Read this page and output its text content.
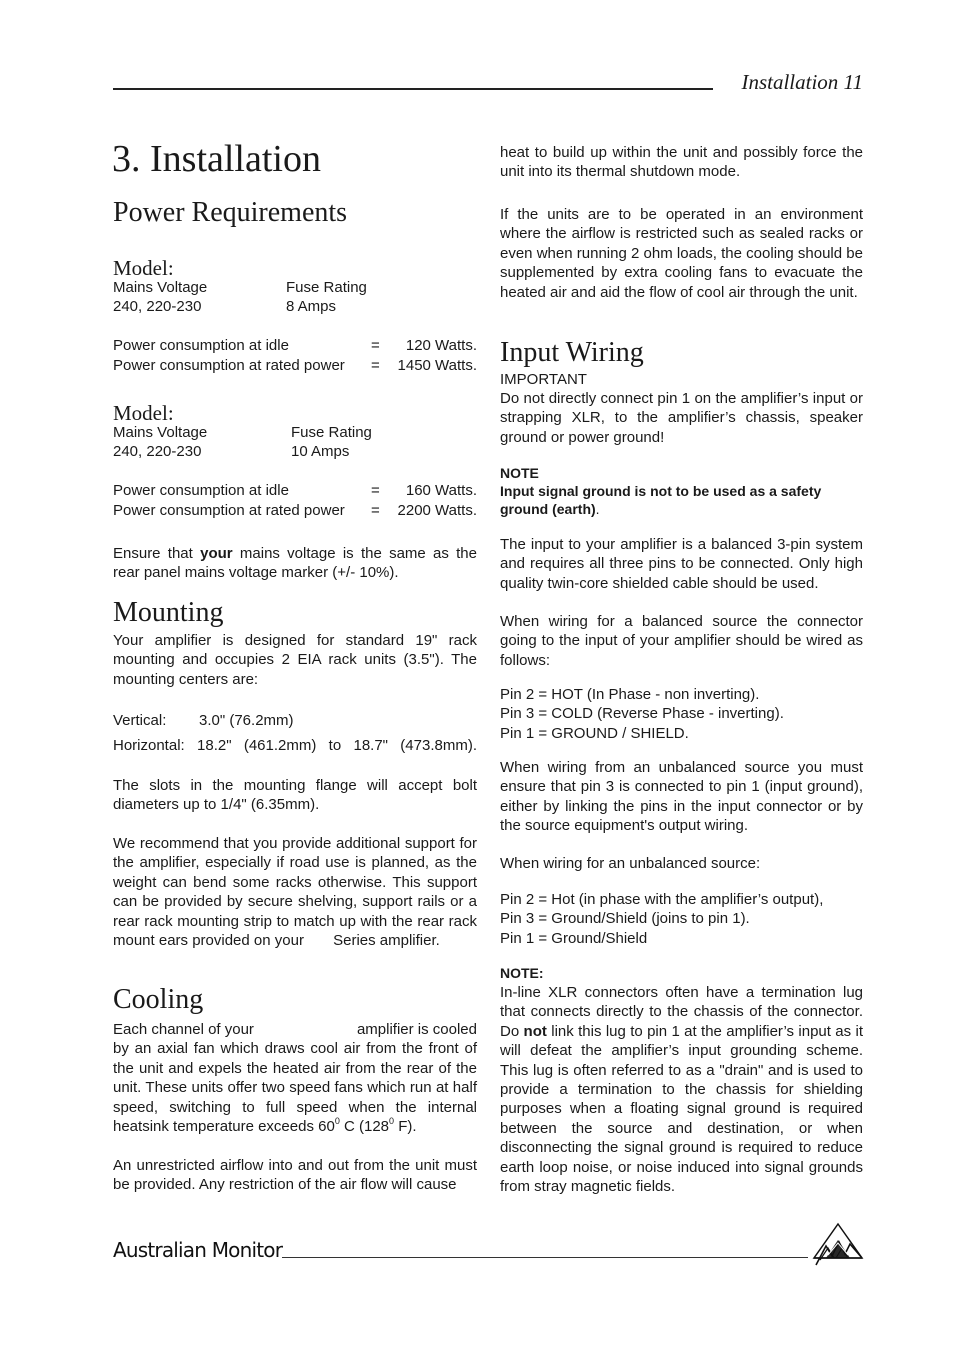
Installation 11
3. Installation
Power Requirements
Model:
Mains Voltage	Fuse Rating
240, 220-230	8 Amps
Power consumption at idle	=	120 Watts.
Power consumption at rated power	=	1450 Watts.
Model:
Mains Voltage	Fuse Rating
240, 220-230	10 Amps
Power consumption at idle	=	160 Watts.
Power consumption at rated power	=	2200 Watts.

Ensure that your mains voltage is the same as the rear panel mains voltage marker (+/- 10%).

Mounting

Your amplifier is designed for standard 19" rack mounting and occupies 2 EIA rack units (3.5"). The mounting centers are:

Vertical:	3.0" (76.2mm)

Horizontal: 18.2" (461.2mm) to 18.7" (473.8mm).

The slots in the mounting flange will accept bolt diameters up to 1/4" (6.35mm).

We recommend that you provide additional support for the amplifier, especially if road use is planned, as the weight can bend some racks otherwise. This support can be provided by secure shelving, support rails or a rear rack mounting strip to match up with the rear rack mount ears provided on your       Series amplifier.

Cooling
Each channel of your	amplifier is cooled

by an axial fan which draws cool air from the front of the unit and expels the heated air from the rear of the unit. These units offer two speed fans which run at half speed, switching to full speed when the internal heatsink temperature exceeds $60^0$ C ($128^0$ F).

An unrestricted airflow into and out from the unit must be provided. Any restriction of the air flow will cause

heat to build up within the unit and possibly force the unit into its thermal shutdown mode.

If the units are to be operated in an environment where the airflow is restricted such as sealed racks or even when running 2 ohm loads, the cooling should be supplemented by extra cooling fans to evacuate the heated air and aid the flow of cool air through the unit.

Input Wiring

IMPORTANT

Do not directly connect pin 1 on the amplifier’s input or strapping XLR, to the amplifier’s chassis, speaker ground or power ground!

NOTE

Input signal ground is not to be used as a safety ground (earth).

The input to your amplifier is a balanced 3-pin system and requires all three pins to be connected. Only high quality twin-core shielded cable should be used.

When wiring for a balanced source the connector going to the input of your amplifier should be wired as follows:

Pin 2 = HOT (In Phase - non inverting).
Pin 3 = COLD (Reverse Phase - inverting).
Pin 1 = GROUND / SHIELD.

When wiring from an unbalanced source you must ensure that pin 3 is connected to pin 1 (input ground), either by linking the pins in the input connector or by the source equipment's output wiring.

When wiring for an unbalanced source:

Pin 2 = Hot (in phase with the amplifier’s output),
Pin 3 = Ground/Shield (joins to pin 1).
Pin 1 = Ground/Shield

NOTE:

In-line XLR connectors often have a termination lug that connects directly to the chassis of the connector. Do not link this lug to pin 1 at the amplifier’s input as it will defeat the amplifier’s input grounding scheme. This lug is often referred to as a "drain" and is used to provide a termination to the chassis for shielding purposes when a floating signal ground is required between the source and destination, or when disconnecting the signal ground is required to reduce earth loop noise, or noise induced into signal grounds from stray magnetic fields.

Australian Monitor
